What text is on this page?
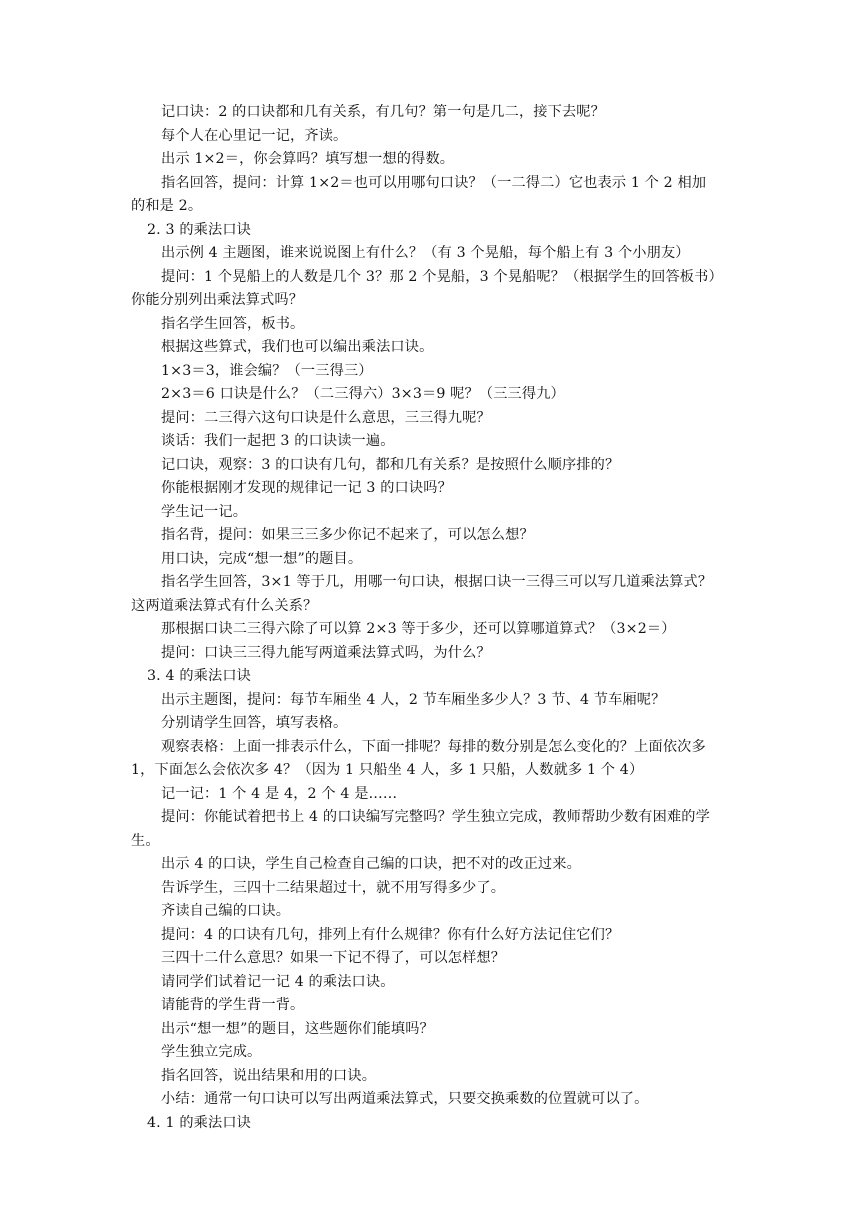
记口诀：2 的口诀都和几有关系，有几句？第一句是几二，接下去呢？
每个人在心里记一记，齐读。
出示 1×2＝，你会算吗？填写想一想的得数。
指名回答，提问：计算 1×2＝也可以用哪句口诀？（一二得二）它也表示 1 个 2 相加
的和是 2。
2. 3 的乘法口诀
出示例 4 主题图，谁来说说图上有什么？（有 3 个晃船，每个船上有 3 个小朋友）
提问：1 个晃船上的人数是几个 3？那 2 个晃船，3 个晃船呢？（根据学生的回答板书）
你能分别列出乘法算式吗？
指名学生回答，板书。
根据这些算式，我们也可以编出乘法口诀。
1×3＝3，谁会编？（一三得三）
2×3＝6 口诀是什么？（二三得六）3×3＝9 呢？（三三得九）
提问：二三得六这句口诀是什么意思，三三得九呢？
谈话：我们一起把 3 的口诀读一遍。
记口诀，观察：3 的口诀有几句，都和几有关系？是按照什么顺序排的？
你能根据刚才发现的规律记一记 3 的口诀吗？
学生记一记。
指名背，提问：如果三三多少你记不起来了，可以怎么想？
用口诀，完成“想一想”的题目。
指名学生回答，3×1 等于几，用哪一句口诀，根据口诀一三得三可以写几道乘法算式？
这两道乘法算式有什么关系？
那根据口诀二三得六除了可以算 2×3 等于多少，还可以算哪道算式？（3×2＝）
提问：口诀三三得九能写两道乘法算式吗，为什么？
3. 4 的乘法口诀
出示主题图，提问：每节车厢坐 4 人，2 节车厢坐多少人？3 节、4 节车厢呢？
分别请学生回答，填写表格。
观察表格：上面一排表示什么，下面一排呢？每排的数分别是怎么变化的？上面依次多
1，下面怎么会依次多 4？（因为 1 只船坐 4 人，多 1 只船，人数就多 1 个 4）
记一记：1 个 4 是 4，2 个 4 是……
提问：你能试着把书上 4 的口诀编写完整吗？学生独立完成，教师帮助少数有困难的学
生。
出示 4 的口诀，学生自己检查自己编的口诀，把不对的改正过来。
告诉学生，三四十二结果超过十，就不用写得多少了。
齐读自己编的口诀。
提问：4 的口诀有几句，排列上有什么规律？你有什么好方法记住它们？
三四十二什么意思？如果一下记不得了，可以怎样想？
请同学们试着记一记 4 的乘法口诀。
请能背的学生背一背。
出示“想一想”的题目，这些题你们能填吗？
学生独立完成。
指名回答，说出结果和用的口诀。
小结：通常一句口诀可以写出两道乘法算式，只要交换乘数的位置就可以了。
4. 1 的乘法口诀
